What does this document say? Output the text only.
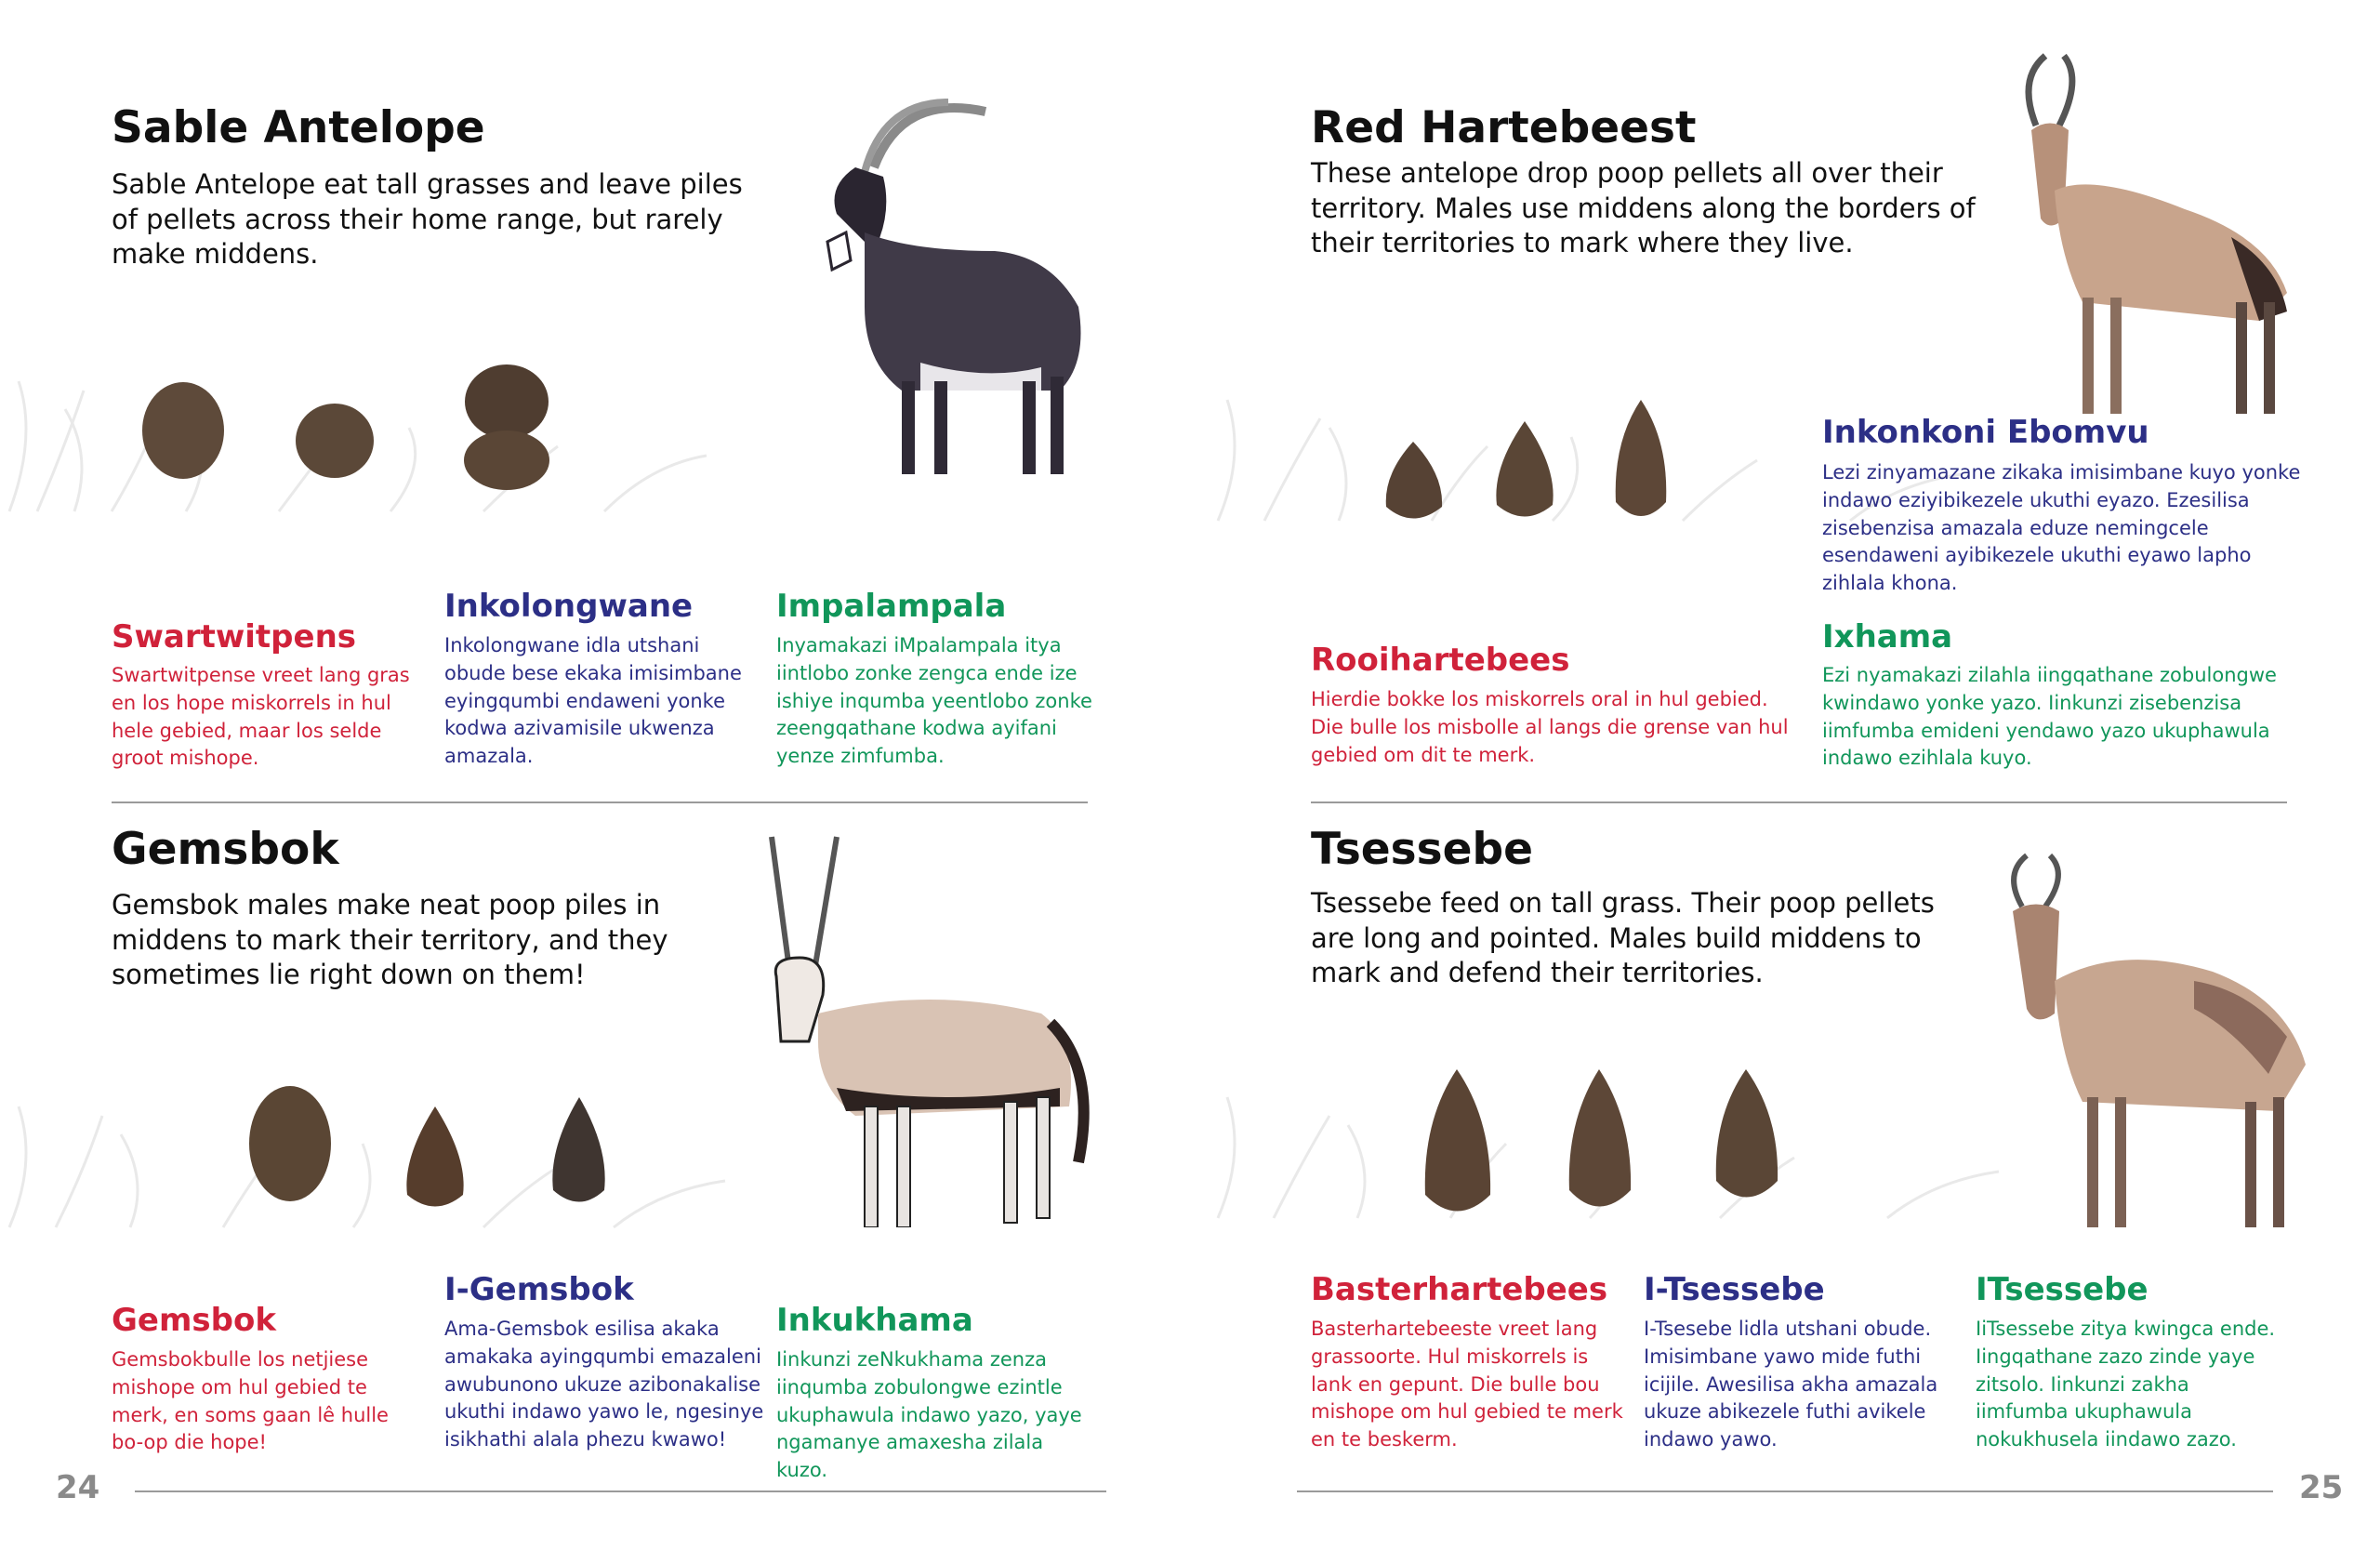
Sable Antelope

Sable Antelope eat tall grasses and leave piles of pellets across their home range, but rarely make middens.

Swartwitpens

Swartwitpense vreet lang gras en los hope miskorrels in hul hele gebied, maar los selde groot mishope.

Inkolongwane

Inkolongwane idla utshani obude bese ekaka imisimbane eyingqumbi endaweni yonke kodwa azivamisile ukwenza amazala.

Impalampala

Inyamakazi iMpalampala itya iintlobo zonke zengca ende ize ishiye inqumba yeentlobo zonke zeengqathane kodwa ayifani yenze zimfumba.

Gemsbok

Gemsbok males make neat poop piles in middens to mark their territory, and they sometimes lie right down on them!

Gemsbok

Gemsbokbulle los netjiese mishope om hul gebied te merk, en soms gaan lê hulle bo-op die hope!

I-Gemsbok

Ama-Gemsbok esilisa akaka amakaka ayingqumbi emazaleni awubunono ukuze azibonakalise ukuthi indawo yawo le, ngesinye isikhathi alala phezu kwawo!

Inkukhama

Iinkunzi zeNkukhama zenza iinqumba zobulongwe ezintle ukuphawula indawo yazo, yaye ngamanye amaxesha zilala kuzo.

24
Red Hartebeest

These antelope drop poop pellets all over their territory. Males use middens along the borders of their territories to mark where they live.

Rooihartebees

Hierdie bokke los miskorrels oral in hul gebied. Die bulle los misbolle al langs die grense van hul gebied om dit te merk.

Inkonkoni Ebomvu

Lezi zinyamazane zikaka imisimbane kuyo yonke indawo eziyibikezele ukuthi eyazo. Ezesilisa zisebenzisa amazala eduze nemingcele esendaweni ayibikezele ukuthi eyawo lapho zihlala khona.

Ixhama

Ezi nyamakazi zilahla iingqathane zobulongwe kwindawo yonke yazo. Iinkunzi zisebenzisa iimfumba emideni yendawo yazo ukuphawula indawo ezihlala kuyo.

Tsessebe

Tsessebe feed on tall grass. Their poop pellets are long and pointed. Males build middens to mark and defend their territories.

Basterhartebees

Basterhartebeeste vreet lang grassoorte. Hul miskorrels is lank en gepunt. Die bulle bou mishope om hul gebied te merk en te beskerm.

I-Tsessebe

I-Tsesebe lidla utshani obude. Imisimbane yawo mide futhi icijile. Awesilisa akha amazala ukuze abikezele futhi avikele indawo yawo.

ITsessebe

IiTsessebe zitya kwingca ende. Iingqathane zazo zinde yaye zitsolo. Iinkunzi zakha iimfumba ukuphawula nokukhusela iindawo zazo.

25
